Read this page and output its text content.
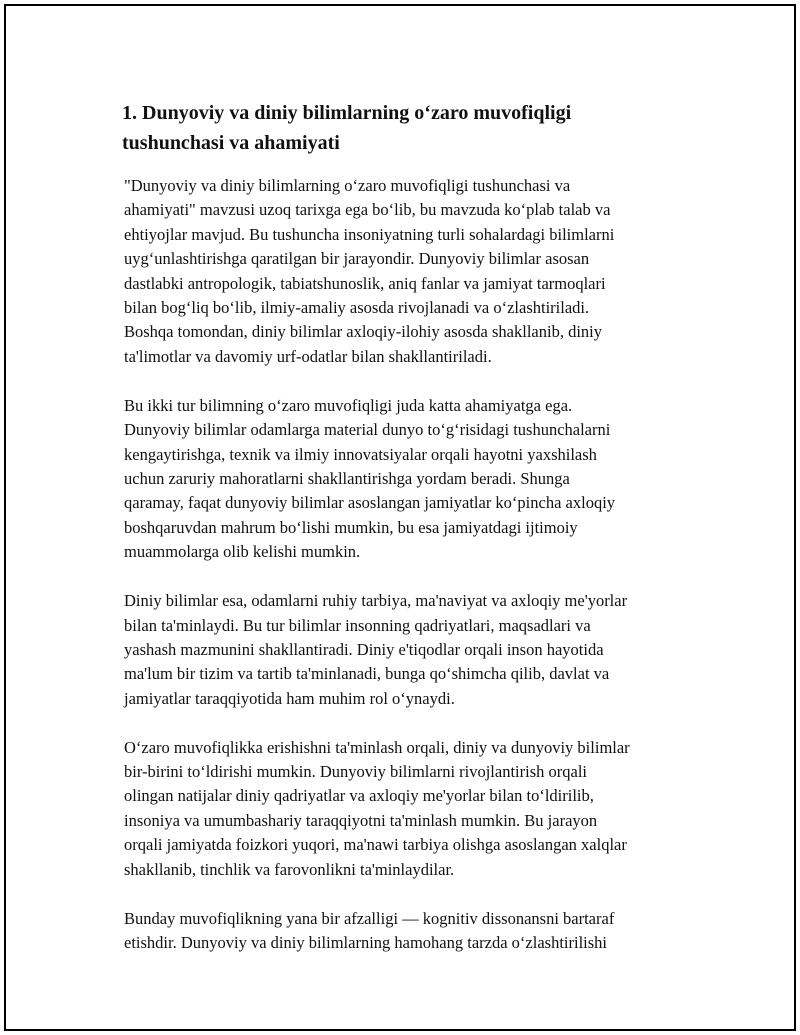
1. Dunyoviy va diniy bilimlarning o‘zaro muvofiqligi
tushunchasi va ahamiyati

"Dunyoviy va diniy bilimlarning o‘zaro muvofiqligi tushunchasi va
ahamiyati" mavzusi uzoq tarixga ega bo‘lib, bu mavzuda ko‘plab talab va
ehtiyojlar mavjud. Bu tushuncha insoniyatning turli sohalardagi bilimlarni
uyg‘unlashtirishga qaratilgan bir jarayondir. Dunyoviy bilimlar asosan
dastlabki antropologik, tabiatshunoslik, aniq fanlar va jamiyat tarmoqlari
bilan bog‘liq bo‘lib, ilmiy-amaliy asosda rivojlanadi va o‘zlashtiriladi.
Boshqa tomondan, diniy bilimlar axloqiy-ilohiy asosda shakllanib, diniy
ta'limotlar va davomiy urf-odatlar bilan shakllantiriladi.

Bu ikki tur bilimning o‘zaro muvofiqligi juda katta ahamiyatga ega.
Dunyoviy bilimlar odamlarga material dunyo to‘g‘risidagi tushunchalarni
kengaytirishga, texnik va ilmiy innovatsiyalar orqali hayotni yaxshilash
uchun zaruriy mahoratlarni shakllantirishga yordam beradi. Shunga
qaramay, faqat dunyoviy bilimlar asoslangan jamiyatlar ko‘pincha axloqiy
boshqaruvdan mahrum bo‘lishi mumkin, bu esa jamiyatdagi ijtimoiy
muammolarga olib kelishi mumkin.

Diniy bilimlar esa, odamlarni ruhiy tarbiya, ma'naviyat va axloqiy me'yorlar
bilan ta'minlaydi. Bu tur bilimlar insonning qadriyatlari, maqsadlari va
yashash mazmunini shakllantiradi. Diniy e'tiqodlar orqali inson hayotida
ma'lum bir tizim va tartib ta'minlanadi, bunga qo‘shimcha qilib, davlat va
jamiyatlar taraqqiyotida ham muhim rol o‘ynaydi.

O‘zaro muvofiqlikka erishishni ta'minlash orqali, diniy va dunyoviy bilimlar
bir-birini to‘ldirishi mumkin. Dunyoviy bilimlarni rivojlantirish orqali
olingan natijalar diniy qadriyatlar va axloqiy me'yorlar bilan to‘ldirilib,
insoniya va umumbashariy taraqqiyotni ta'minlash mumkin. Bu jarayon
orqali jamiyatda foizkori yuqori, ma'nawi tarbiya olishga asoslangan xalqlar
shakllanib, tinchlik va farovonlikni ta'minlaydilar.

Bunday muvofiqlikning yana bir afzalligi — kognitiv dissonansni bartaraf
etishdir. Dunyoviy va diniy bilimlarning hamohang tarzda o‘zlashtirilishi
